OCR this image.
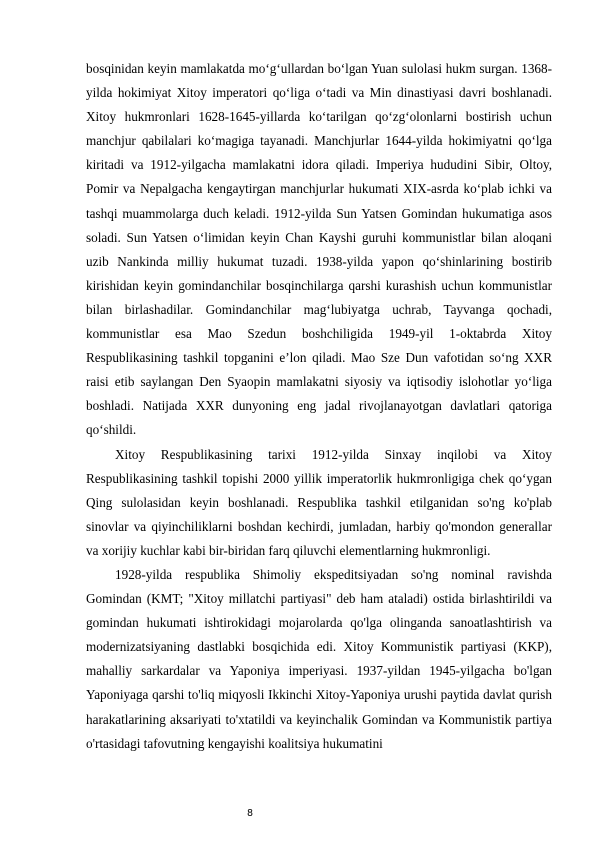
bosqinidan keyin mamlakatda mo‘g‘ullardan bo‘lgan Yuan sulolasi hukm surgan. 1368-yilda hokimiyat Xitoy imperatori qo‘liga o‘tadi va Min dinastiyasi davri boshlanadi. Xitoy hukmronlari 1628-1645-yillarda ko‘tarilgan qo‘zg‘olonlarni bostirish uchun manchjur qabilalari ko‘magiga tayanadi. Manchjurlar 1644-yilda hokimiyatni qo‘lga kiritadi va 1912-yilgacha mamlakatni idora qiladi. Imperiya hududini Sibir, Oltoy, Pomir va Nepalgacha kengaytirgan manchjurlar hukumati XIX-asrda ko‘plab ichki va tashqi muammolarga duch keladi. 1912-yilda Sun Yatsen Gomindan hukumatiga asos soladi. Sun Yatsen o‘limidan keyin Chan Kayshi guruhi kommunistlar bilan aloqani uzib Nankinda milliy hukumat tuzadi. 1938-yilda yapon qo‘shinlarining bostirib kirishidan keyin gomindanchilar bosqinchilarga qarshi kurashish uchun kommunistlar bilan birlashadilar. Gomindanchilar mag‘lubiyatga uchrab, Tayvanga qochadi, kommunistlar esa Mao Szedun boshchiligida 1949-yil 1-oktabrda Xitoy Respublikasining tashkil topganini e’lon qiladi. Mao Sze Dun vafotidan so‘ng XXR raisi etib saylangan Den Syaopin mamlakatni siyosiy va iqtisodiy islohotlar yo‘liga boshladi. Natijada XXR dunyoning eng jadal rivojlanayotgan davlatlari qatoriga qo‘shildi.

Xitoy Respublikasining tarixi 1912-yilda Sinxay inqilobi va Xitoy Respublikasining tashkil topishi 2000 yillik imperatorlik hukmronligiga chek qo‘ygan Qing sulolasidan keyin boshlanadi. Respublika tashkil etilganidan so'ng ko'plab sinovlar va qiyinchiliklarni boshdan kechirdi, jumladan, harbiy qo'mondon generallar va xorijiy kuchlar kabi bir-biridan farq qiluvchi elementlarning hukmronligi.

1928-yilda respublika Shimoliy ekspeditsiyadan so'ng nominal ravishda Gomindan (KMT; "Xitoy millatchi partiyasi" deb ham ataladi) ostida birlashtirildi va gomindan hukumati ishtirokidagi mojarolarda qo'lga olinganda sanoatlashtirish va modernizatsiyaning dastlabki bosqichida edi. Xitoy Kommunistik partiyasi (KKP), mahalliy sarkardalar va Yaponiya imperiyasi. 1937-yildan 1945-yilgacha bo'lgan Yaponiyaga qarshi to'liq miqyosli Ikkinchi Xitoy-Yaponiya urushi paytida davlat qurish harakatlarining aksariyati to'xtatildi va keyinchalik Gomindan va Kommunistik partiya o'rtasidagi tafovutning kengayishi koalitsiya hukumatini

8
